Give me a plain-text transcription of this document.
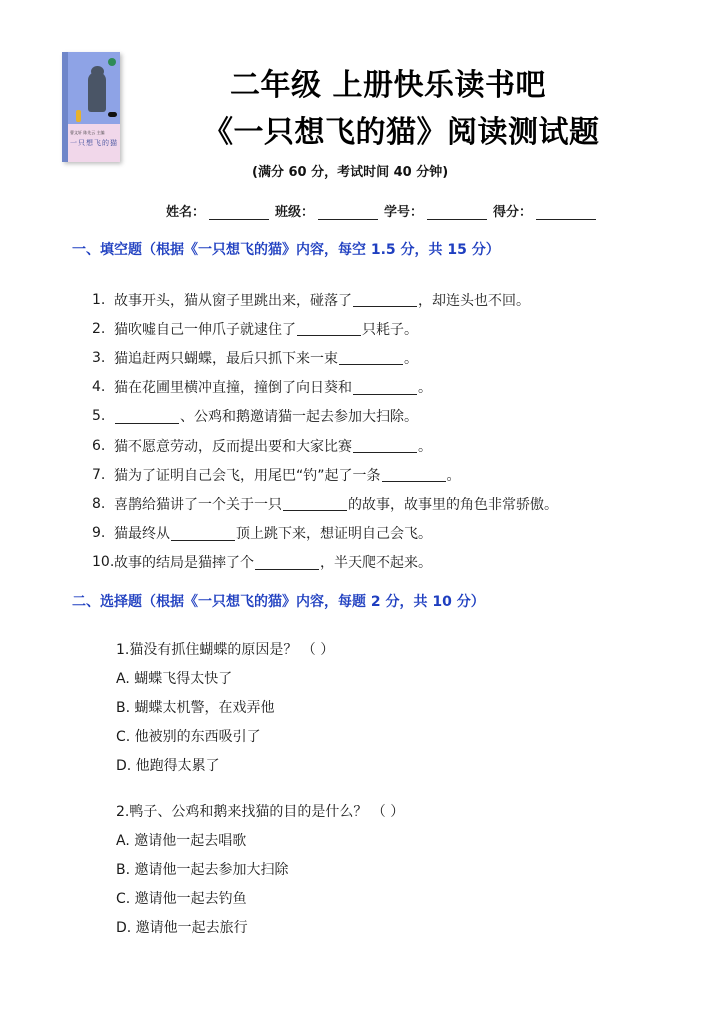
曹文轩 陈先云 主编
一只想飞的猫
二年级 上册快乐读书吧
《一只想飞的猫》阅读测试题
(满分 60 分，考试时间 40 分钟)
姓名：	班级：	学号：	得分：
一、填空题（根据《一只想飞的猫》内容，每空 1.5 分，共 15 分）
1. 故事开头，猫从窗子里跳出来，碰落了	，却连头也不回。
2. 猫吹嘘自己一伸爪子就逮住了	只耗子。
3. 猫追赶两只蝴蝶，最后只抓下来一束	。
4. 猫在花圃里横冲直撞，撞倒了向日葵和	。
5.	、公鸡和鹅邀请猫一起去参加大扫除。
6. 猫不愿意劳动，反而提出要和大家比赛	。
7. 猫为了证明自己会飞，用尾巴“钓”起了一条	。
8. 喜鹊给猫讲了一个关于一只	的故事，故事里的角色非常骄傲。
9. 猫最终从	顶上跳下来，想证明自己会飞。
10. 故事的结局是猫摔了个	，半天爬不起来。
二、选择题（根据《一只想飞的猫》内容，每题 2 分，共 10 分）
1.猫没有抓住蝴蝶的原因是？ （ ）
A. 蝴蝶飞得太快了
B. 蝴蝶太机警，在戏弄他
C. 他被别的东西吸引了
D. 他跑得太累了
2.鸭子、公鸡和鹅来找猫的目的是什么？ （ ）
A. 邀请他一起去唱歌
B. 邀请他一起去参加大扫除
C. 邀请他一起去钓鱼
D. 邀请他一起去旅行
